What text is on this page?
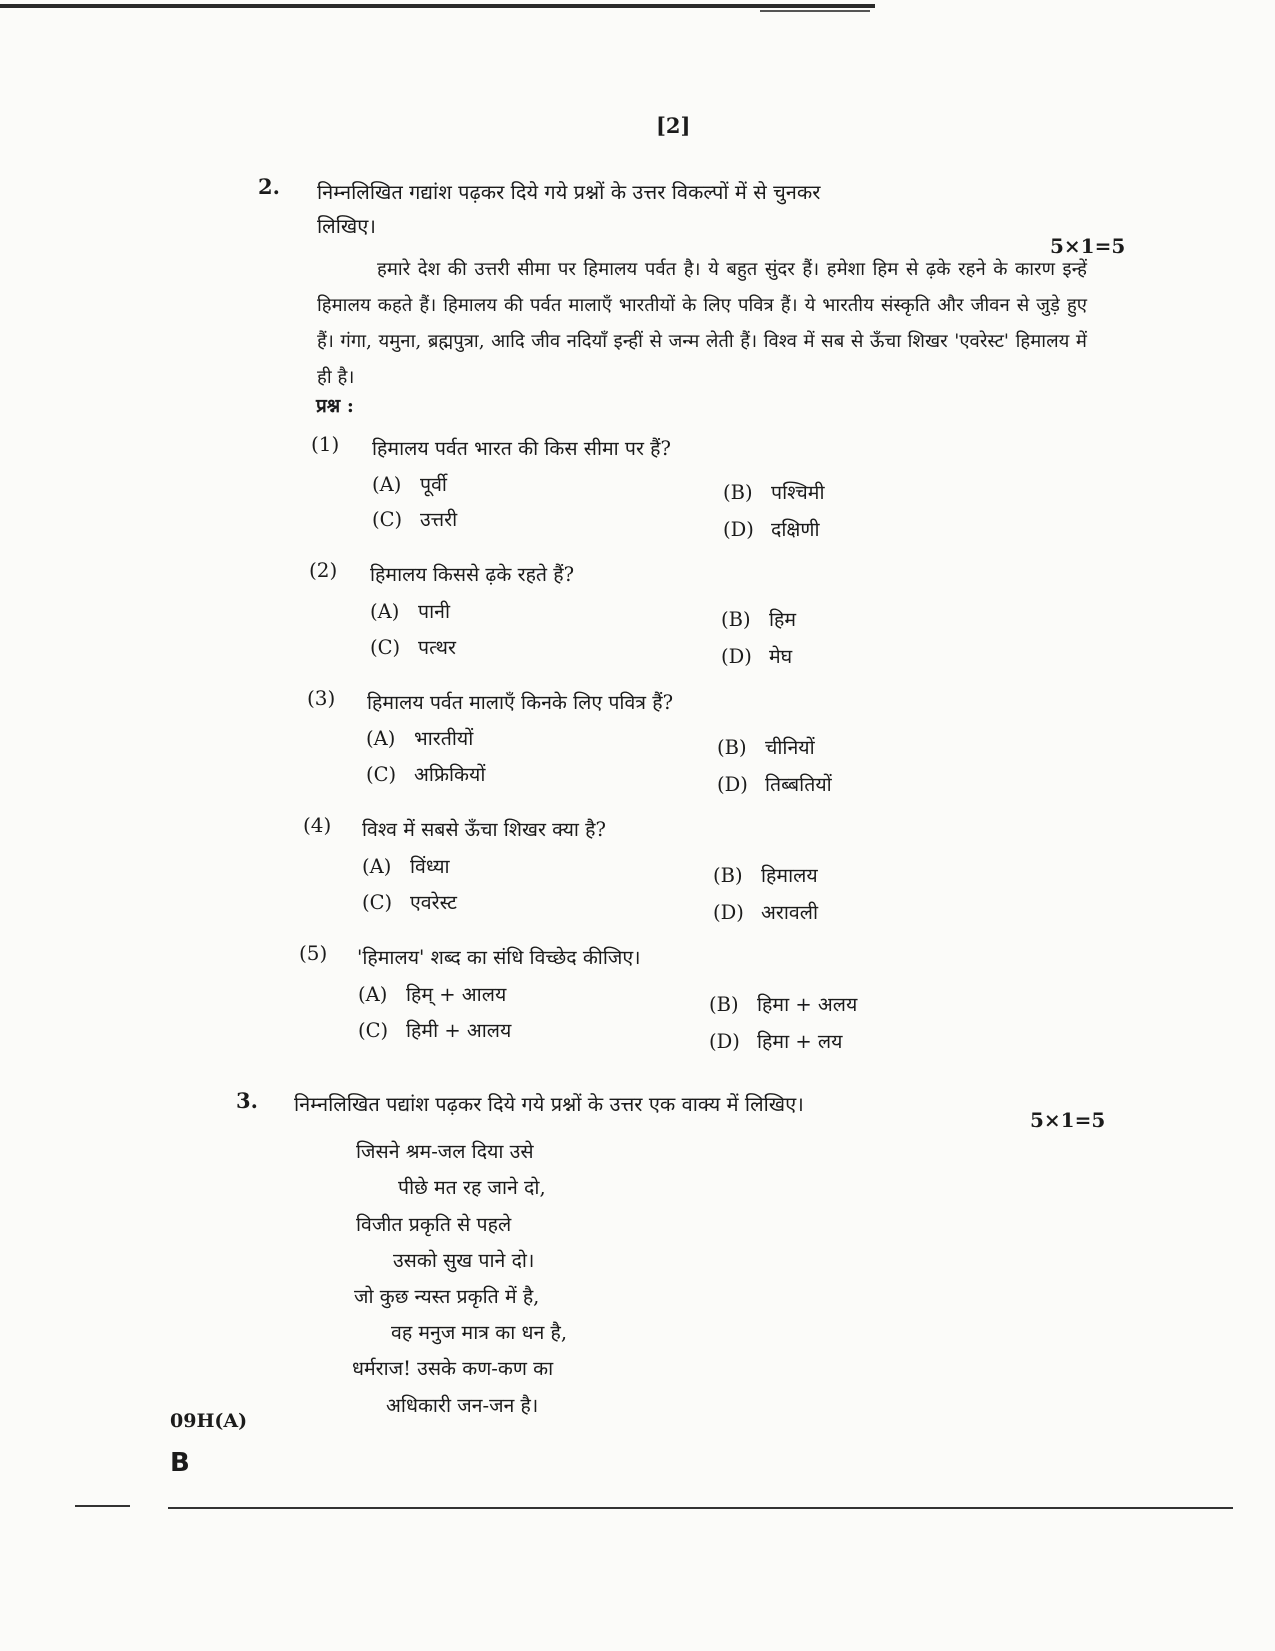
[2]
2. निम्नलिखित गद्यांश पढ़कर दिये गये प्रश्नों के उत्तर विकल्पों में से चुनकर
लिखिए।
5×1=5

हमारे देश की उत्तरी सीमा पर हिमालय पर्वत है। ये बहुत सुंदर हैं। हमेशा हिम से ढ़के रहने के कारण इन्हें हिमालय कहते हैं। हिमालय की पर्वत मालाएँ भारतीयों के लिए पवित्र हैं। ये भारतीय संस्कृति और जीवन से जुड़े हुए हैं। गंगा, यमुना, ब्रह्मपुत्रा, आदि जीव नदियाँ इन्हीं से जन्म लेती हैं। विश्व में सब से ऊँचा शिखर 'एवरेस्ट' हिमालय में ही है।

प्रश्न :
(1) हिमालय पर्वत भारत की किस सीमा पर हैं?
(A) पूर्वी	(B) पश्चिमी
(C) उत्तरी	(D) दक्षिणी
(2) हिमालय किससे ढ़के रहते हैं?
(A) पानी	(B) हिम
(C) पत्थर	(D) मेघ
(3) हिमालय पर्वत मालाएँ किनके लिए पवित्र हैं?
(A) भारतीयों	(B) चीनियों
(C) अफ्रिकियों	(D) तिब्बतियों
(4) विश्व में सबसे ऊँचा शिखर क्या है?
(A) विंध्या	(B) हिमालय
(C) एवरेस्ट	(D) अरावली
(5) 'हिमालय' शब्द का संधि विच्छेद कीजिए।
(A) हिम् + आलय	(B) हिमा + अलय
(C) हिमी + आलय	(D) हिमा + लय
3. निम्नलिखित पद्यांश पढ़कर दिये गये प्रश्नों के उत्तर एक वाक्य में लिखिए।
5×1=5
जिसने श्रम-जल दिया उसे
पीछे मत रह जाने दो,
विजीत प्रकृति से पहले
उसको सुख पाने दो।
जो कुछ न्यस्त प्रकृति में है,
वह मनुज मात्र का धन है,
धर्मराज! उसके कण-कण का
अधिकारी जन-जन है।
09H(A)
B
